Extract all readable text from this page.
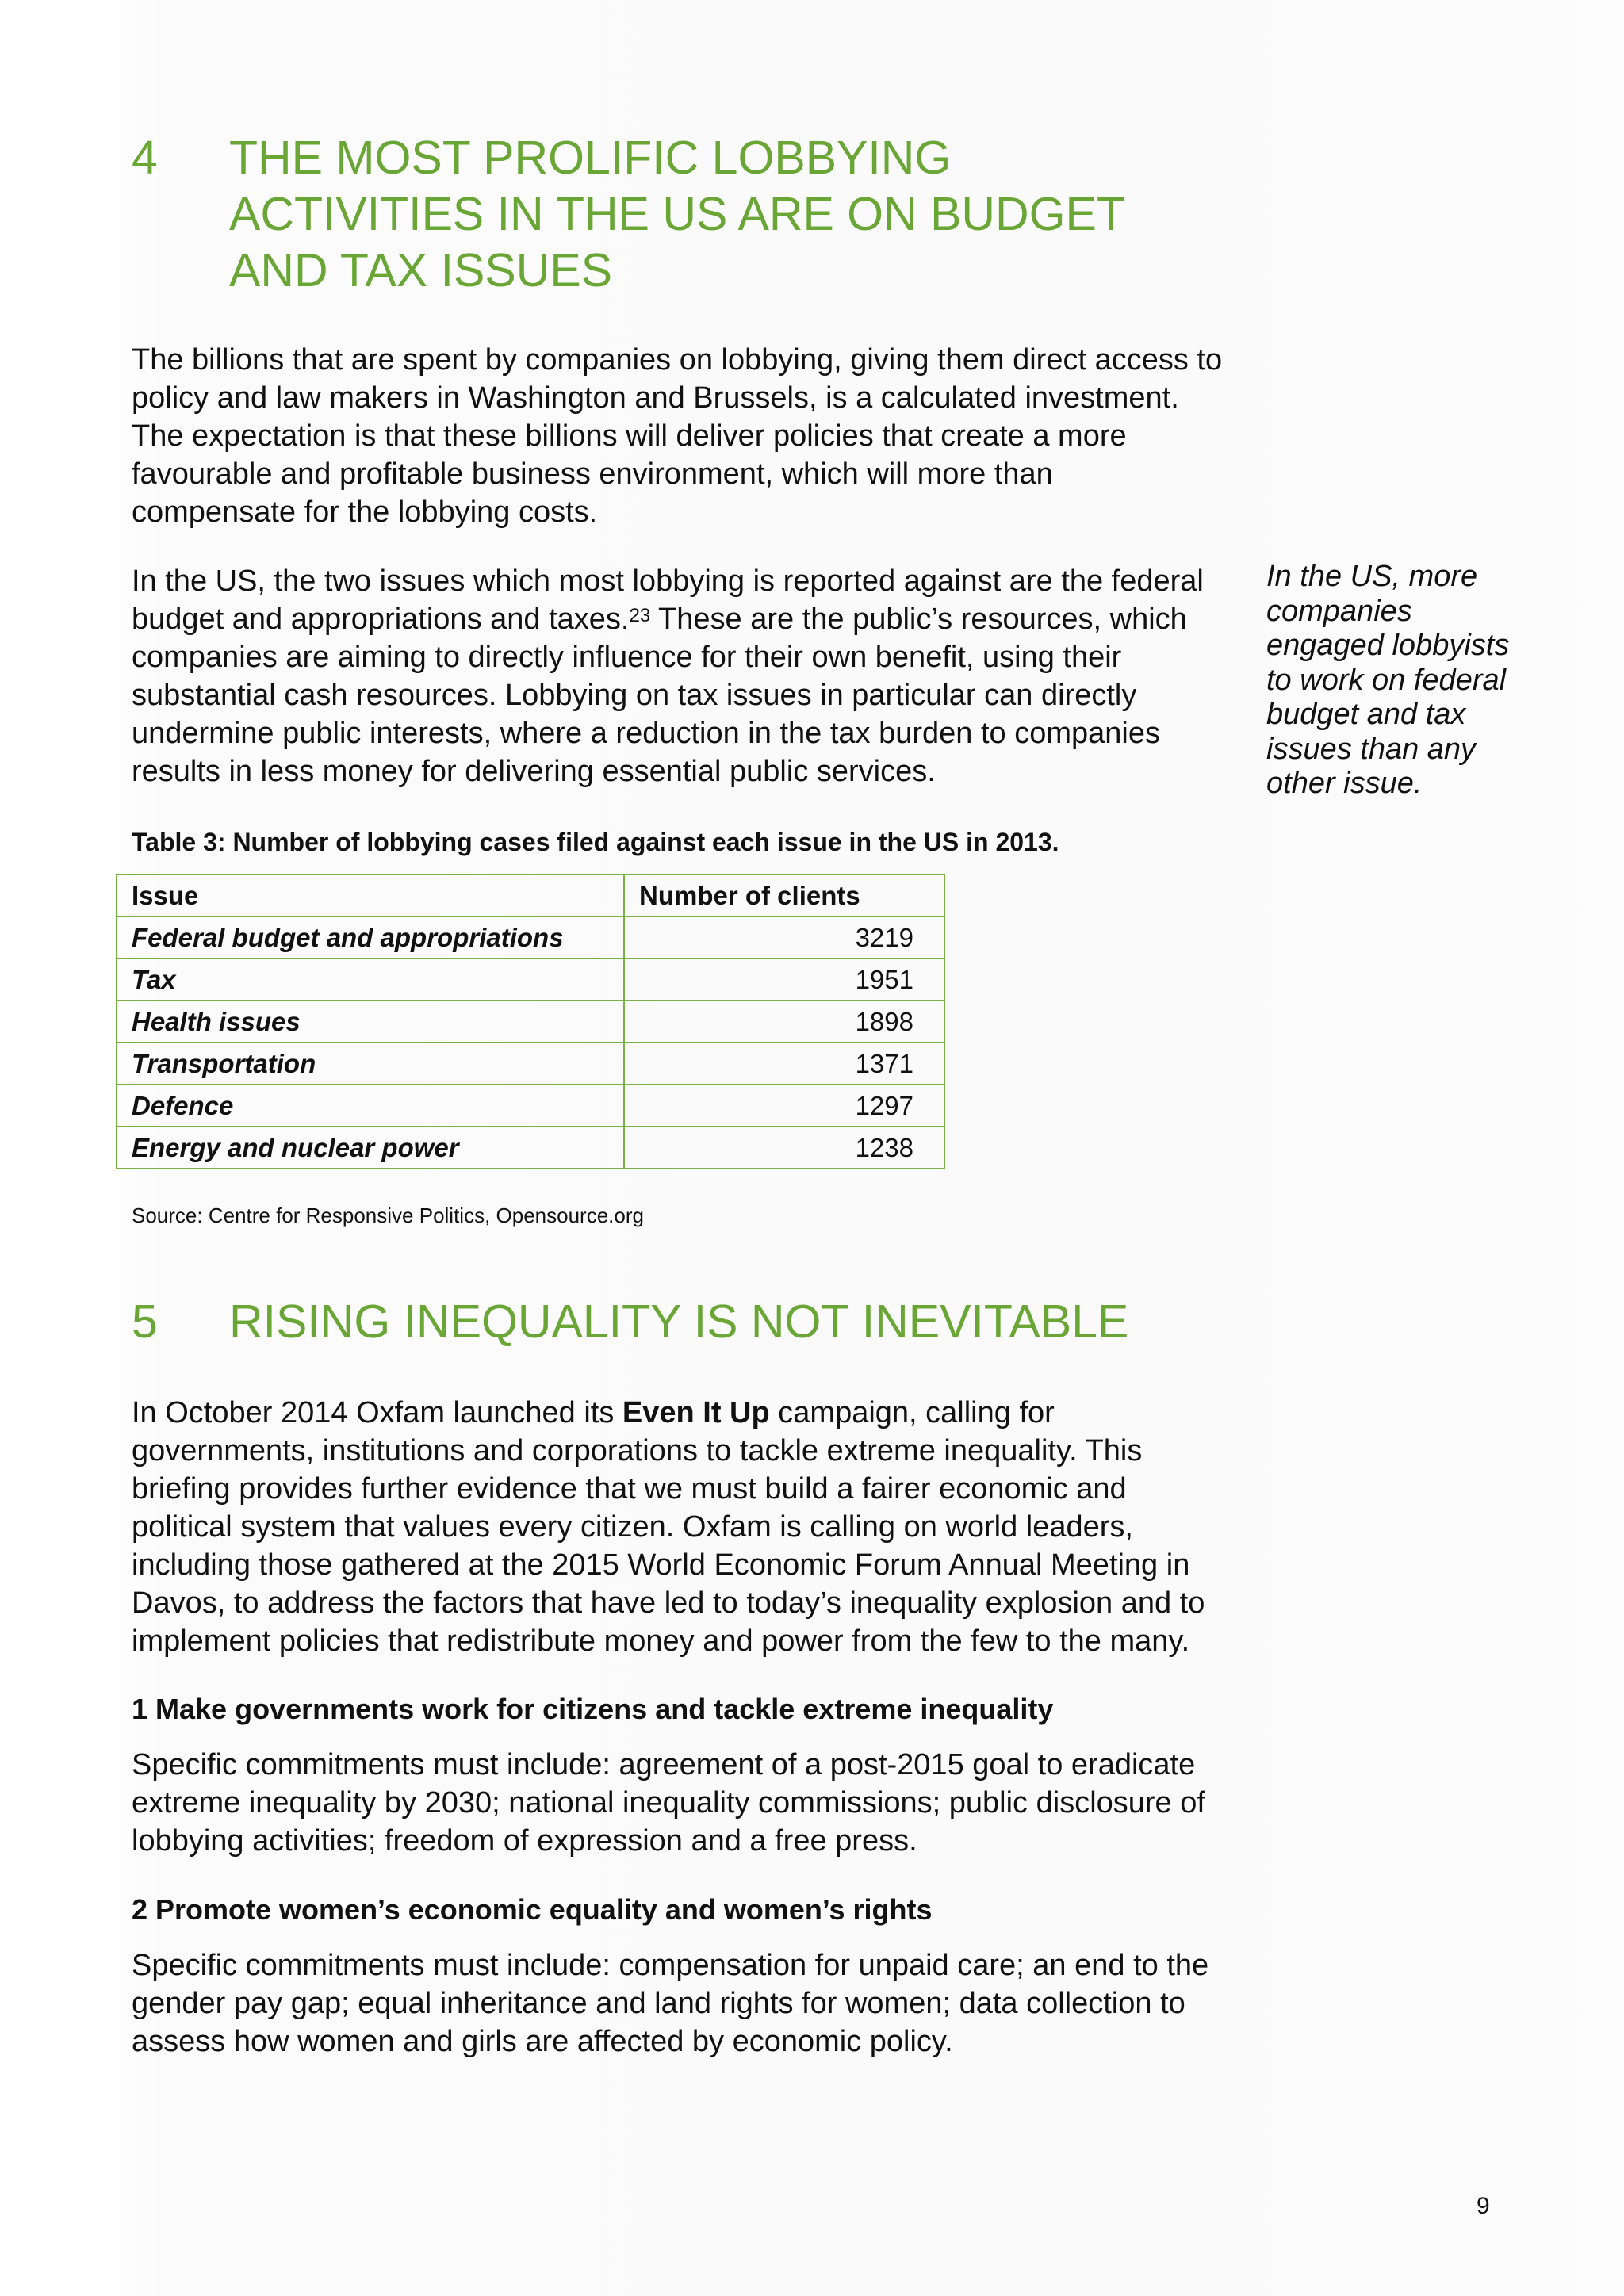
4	THE MOST PROLIFIC LOBBYING
ACTIVITIES IN THE US ARE ON BUDGET
AND TAX ISSUES
The billions that are spent by companies on lobbying, giving them direct access to
policy and law makers in Washington and Brussels, is a calculated investment.
The expectation is that these billions will deliver policies that create a more
favourable and profitable business environment, which will more than
compensate for the lobbying costs.
In the US, the two issues which most lobbying is reported against are the federal
budget and appropriations and taxes.$^{23}$ These are the public’s resources, which
companies are aiming to directly influence for their own benefit, using their
substantial cash resources. Lobbying on tax issues in particular can directly
undermine public interests, where a reduction in the tax burden to companies
results in less money for delivering essential public services.
In the US, more
companies
engaged lobbyists
to work on federal
budget and tax
issues than any
other issue.
Table 3: Number of lobbying cases filed against each issue in the US in 2013.
Issue	Number of clients
Federal budget and appropriations	3219
Tax	1951
Health issues	1898
Transportation	1371
Defence	1297
Energy and nuclear power	1238
Source: Centre for Responsive Politics, Opensource.org
5	RISING INEQUALITY IS NOT INEVITABLE
In October 2014 Oxfam launched its Even It Up campaign, calling for
governments, institutions and corporations to tackle extreme inequality. This
briefing provides further evidence that we must build a fairer economic and
political system that values every citizen. Oxfam is calling on world leaders,
including those gathered at the 2015 World Economic Forum Annual Meeting in
Davos, to address the factors that have led to today’s inequality explosion and to
implement policies that redistribute money and power from the few to the many.
1 Make governments work for citizens and tackle extreme inequality
Specific commitments must include: agreement of a post-2015 goal to eradicate
extreme inequality by 2030; national inequality commissions; public disclosure of
lobbying activities; freedom of expression and a free press.
2 Promote women’s economic equality and women’s rights
Specific commitments must include: compensation for unpaid care; an end to the
gender pay gap; equal inheritance and land rights for women; data collection to
assess how women and girls are affected by economic policy.
9
